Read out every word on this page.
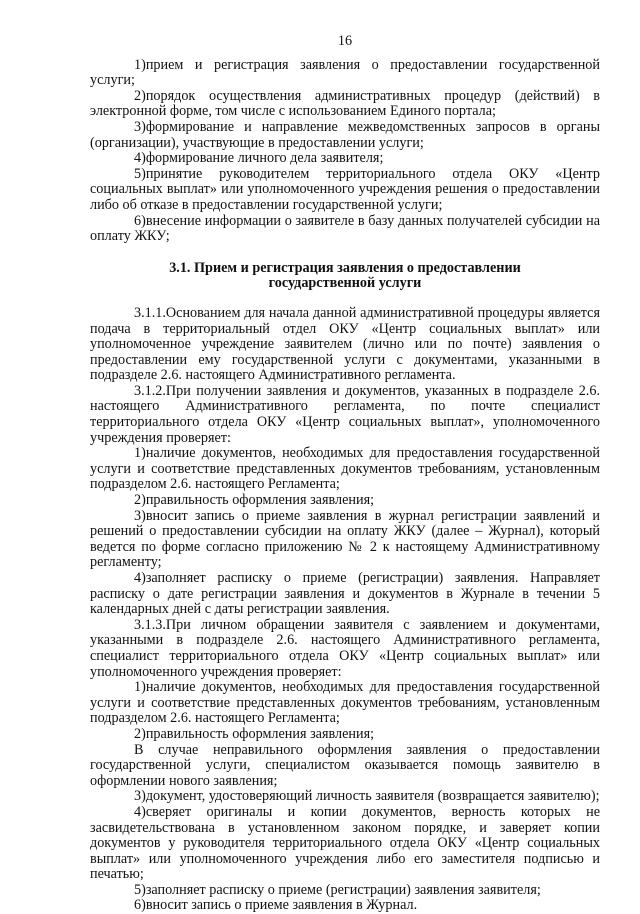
16

1)прием и регистрация заявления о предоставлении государственной услуги;

2)порядок осуществления административных процедур (действий) в электронной форме, том числе с использованием Единого портала;

3)формирование и направление межведомственных запросов в органы (организации), участвующие в предоставлении услуги;

4)формирование личного дела заявителя;

5)принятие руководителем территориального отдела ОКУ «Центр социальных выплат» или уполномоченного учреждения решения о предоставлении либо об отказе в предоставлении государственной услуги;

6)внесение информации о заявителе в базу данных получателей субсидии на оплату ЖКУ;

3.1. Прием и регистрация заявления о предоставлении
государственной услуги

3.1.1.Основанием для начала данной административной процедуры является подача в территориальный отдел ОКУ «Центр социальных выплат» или уполномоченное учреждение заявителем (лично или по почте) заявления о предоставлении ему государственной услуги с документами, указанными в подразделе 2.6. настоящего Административного регламента.

3.1.2.При получении заявления и документов, указанных в подразделе 2.6. настоящего Административного регламента, по почте специалист территориального отдела ОКУ «Центр социальных выплат», уполномоченного учреждения проверяет:

1)наличие документов, необходимых для предоставления государственной услуги и соответствие представленных документов требованиям, установленным подразделом 2.6. настоящего Регламента;

2)правильность оформления заявления;

3)вносит запись о приеме заявления в журнал регистрации заявлений и решений о предоставлении субсидии на оплату ЖКУ (далее – Журнал), который ведется по форме согласно приложению № 2 к настоящему Административному регламенту;

4)заполняет расписку о приеме (регистрации) заявления. Направляет расписку о дате регистрации заявления и документов в Журнале в течении 5 календарных дней с даты регистрации заявления.

3.1.3.При личном обращении заявителя с заявлением и документами, указанными в подразделе 2.6. настоящего Административного регламента, специалист территориального отдела ОКУ «Центр социальных выплат» или уполномоченного учреждения проверяет:

1)наличие документов, необходимых для предоставления государственной услуги и соответствие представленных документов требованиям, установленным подразделом 2.6. настоящего Регламента;

2)правильность оформления заявления;

В случае неправильного оформления заявления о предоставлении государственной услуги, специалистом оказывается помощь заявителю в оформлении нового заявления;

3)документ, удостоверяющий личность заявителя (возвращается заявителю);

4)сверяет оригиналы и копии документов, верность которых не засвидетельствована в установленном законом порядке, и заверяет копии документов у руководителя территориального отдела ОКУ «Центр социальных выплат» или уполномоченного учреждения либо его заместителя подписью и печатью;

5)заполняет расписку о приеме (регистрации) заявления заявителя;

6)вносит запись о приеме заявления в Журнал.
